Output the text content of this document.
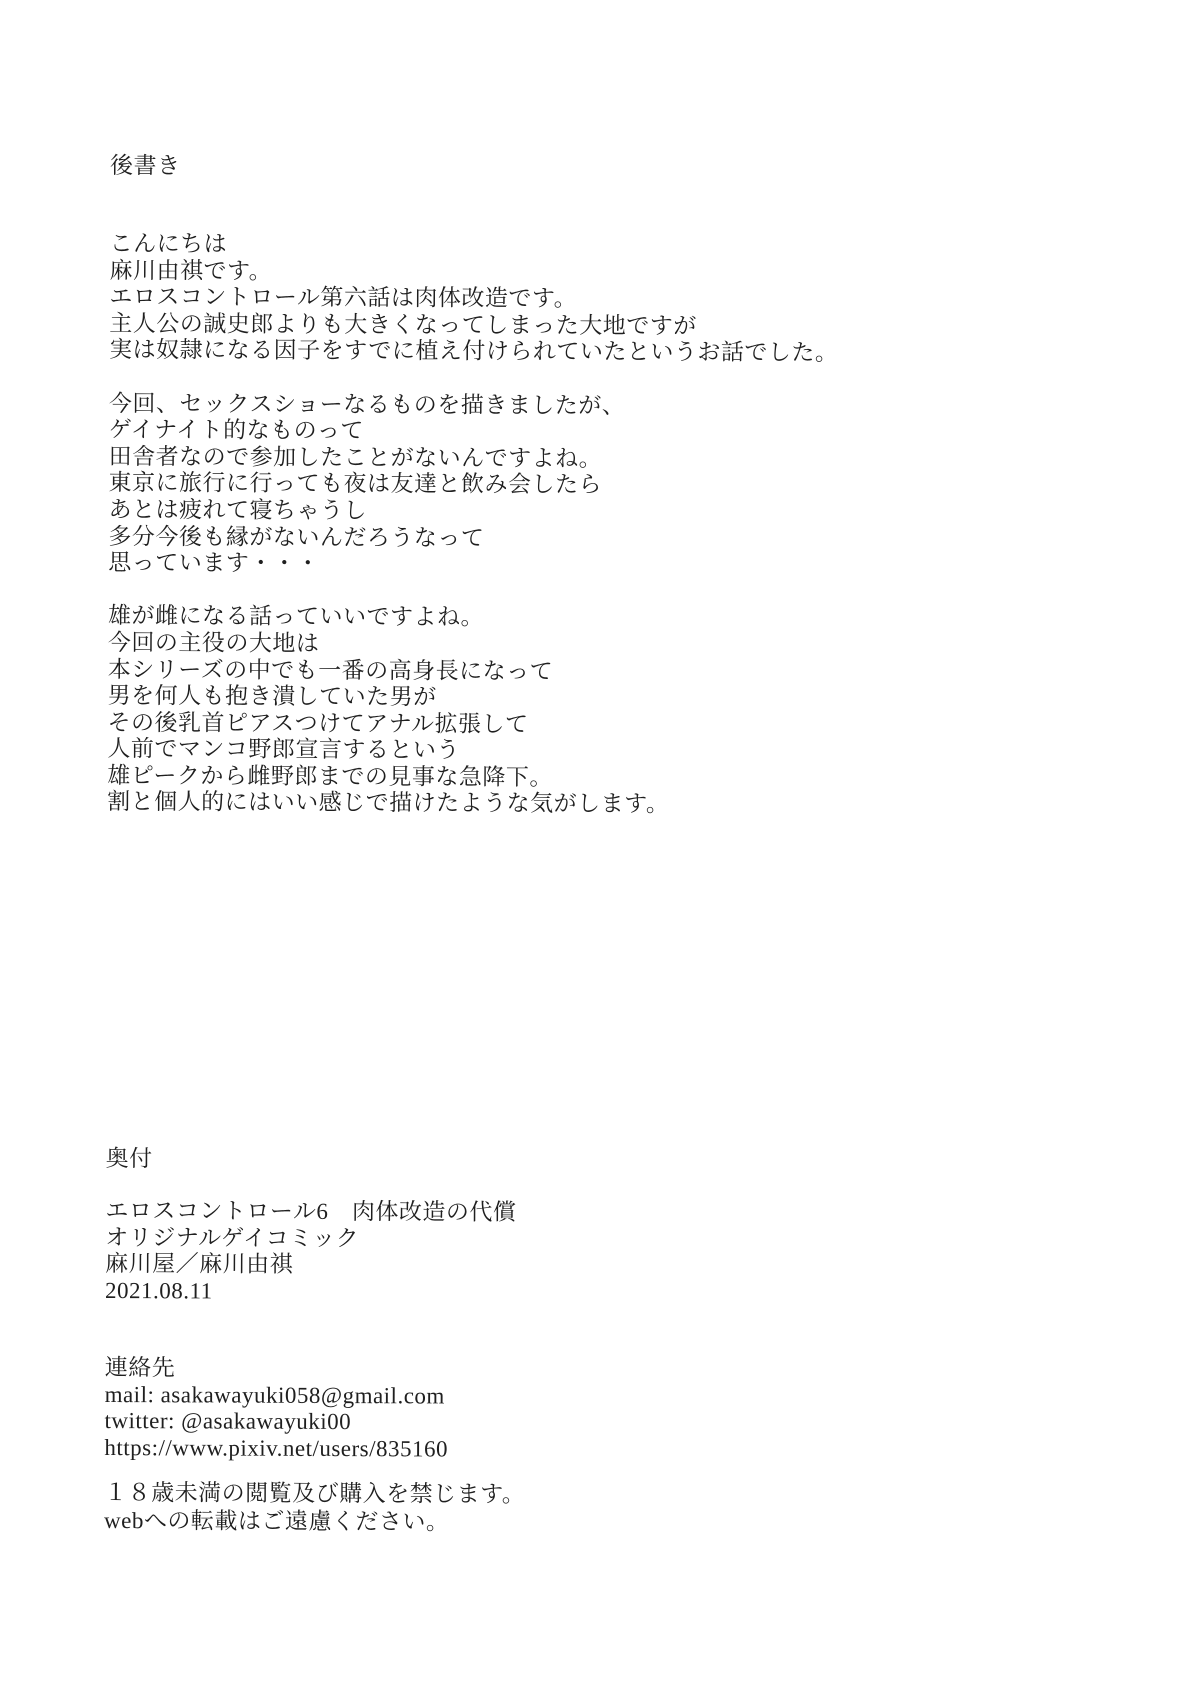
後書き
こんにちは
麻川由祺です。
エロスコントロール第六話は肉体改造です。
主人公の誠史郎よりも大きくなってしまった大地ですが
実は奴隷になる因子をすでに植え付けられていたというお話でした。
今回、セックスショーなるものを描きましたが、
ゲイナイト的なものって
田舎者なので参加したことがないんですよね。
東京に旅行に行っても夜は友達と飲み会したら
あとは疲れて寝ちゃうし
多分今後も縁がないんだろうなって
思っています・・・
雄が雌になる話っていいですよね。
今回の主役の大地は
本シリーズの中でも一番の高身長になって
男を何人も抱き潰していた男が
その後乳首ピアスつけてアナル拡張して
人前でマンコ野郎宣言するという
雄ピークから雌野郎までの見事な急降下。
割と個人的にはいい感じで描けたような気がします。
奥付
エロスコントロール6　肉体改造の代償
オリジナルゲイコミック
麻川屋／麻川由祺
2021.08.11
連絡先
mail: asakawayuki058@gmail.com
twitter: @asakawayuki00
https://www.pixiv.net/users/835160
１８歳未満の閲覧及び購入を禁じます。
webへの転載はご遠慮ください。
